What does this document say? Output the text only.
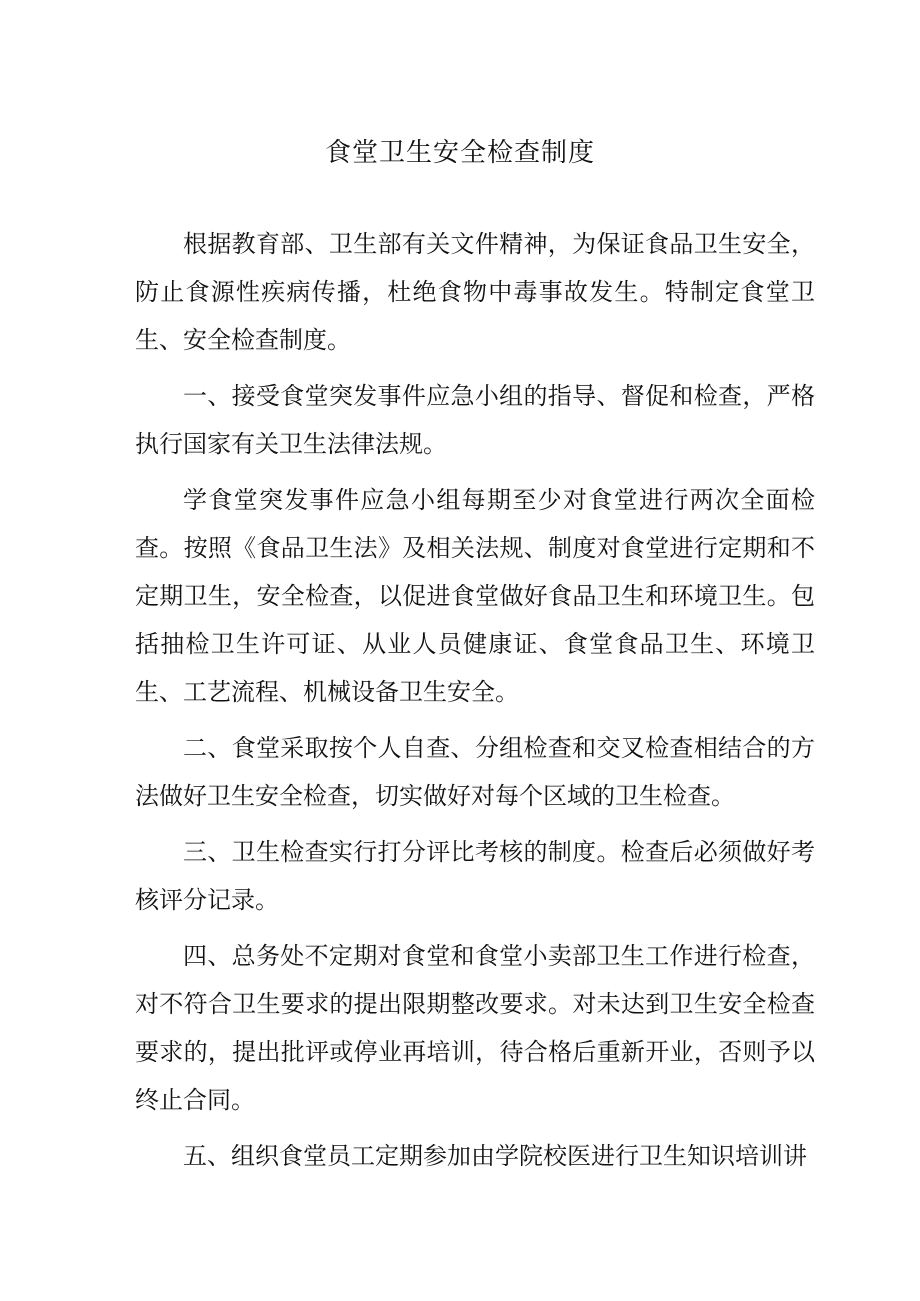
食堂卫生安全检查制度

根据教育部、卫生部有关文件精神，为保证食品卫生安全，防止食源性疾病传播，杜绝食物中毒事故发生。特制定食堂卫生、安全检查制度。

一、接受食堂突发事件应急小组的指导、督促和检查，严格执行国家有关卫生法律法规。

学食堂突发事件应急小组每期至少对食堂进行两次全面检查。按照《食品卫生法》及相关法规、制度对食堂进行定期和不定期卫生，安全检查，以促进食堂做好食品卫生和环境卫生。包括抽检卫生许可证、从业人员健康证、食堂食品卫生、环境卫生、工艺流程、机械设备卫生安全。

二、食堂采取按个人自查、分组检查和交叉检查相结合的方法做好卫生安全检查，切实做好对每个区域的卫生检查。

三、卫生检查实行打分评比考核的制度。检查后必须做好考核评分记录。

四、总务处不定期对食堂和食堂小卖部卫生工作进行检查，对不符合卫生要求的提出限期整改要求。对未达到卫生安全检查要求的，提出批评或停业再培训，待合格后重新开业，否则予以终止合同。

五、组织食堂员工定期参加由学院校医进行卫生知识培训讲
